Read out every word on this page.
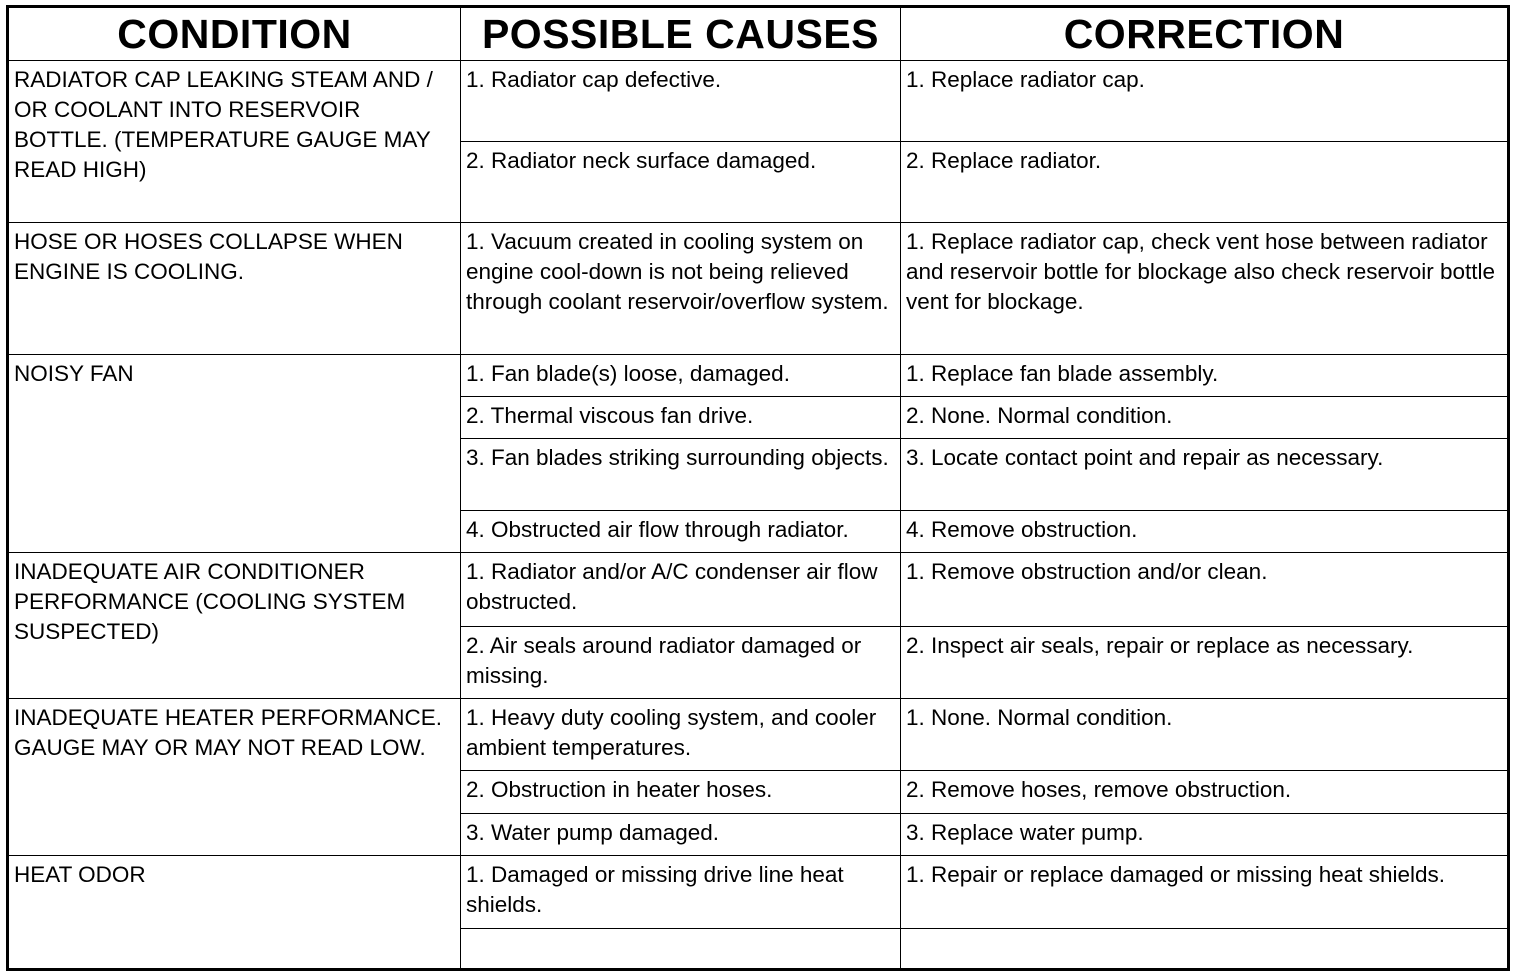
CONDITION	POSSIBLE CAUSES	CORRECTION
RADIATOR CAP LEAKING STEAM AND / OR COOLANT INTO RESERVOIR BOTTLE. (TEMPERATURE GAUGE MAY READ HIGH)	1. Radiator cap defective.	1. Replace radiator cap.
	2. Radiator neck surface damaged.	2. Replace radiator.
HOSE OR HOSES COLLAPSE WHEN ENGINE IS COOLING.	1. Vacuum created in cooling system on engine cool-down is not being relieved through coolant reservoir/overflow system.	1. Replace radiator cap, check vent hose between radiator and reservoir bottle for blockage also check reservoir bottle vent for blockage.
NOISY FAN	1. Fan blade(s) loose, damaged.	1. Replace fan blade assembly.
	2. Thermal viscous fan drive.	2. None. Normal condition.
	3. Fan blades striking surrounding objects.	3. Locate contact point and repair as necessary.
	4. Obstructed air flow through radiator.	4. Remove obstruction.
INADEQUATE AIR CONDITIONER PERFORMANCE (COOLING SYSTEM SUSPECTED)	1. Radiator and/or A/C condenser air flow obstructed.	1. Remove obstruction and/or clean.
	2. Air seals around radiator damaged or missing.	2. Inspect air seals, repair or replace as necessary.
INADEQUATE HEATER PERFORMANCE. GAUGE MAY OR MAY NOT READ LOW.	1. Heavy duty cooling system, and cooler ambient temperatures.	1. None. Normal condition.
	2. Obstruction in heater hoses.	2. Remove hoses, remove obstruction.
	3. Water pump damaged.	3. Replace water pump.
HEAT ODOR	1. Damaged or missing drive line heat shields.	1. Repair or replace damaged or missing heat shields.
